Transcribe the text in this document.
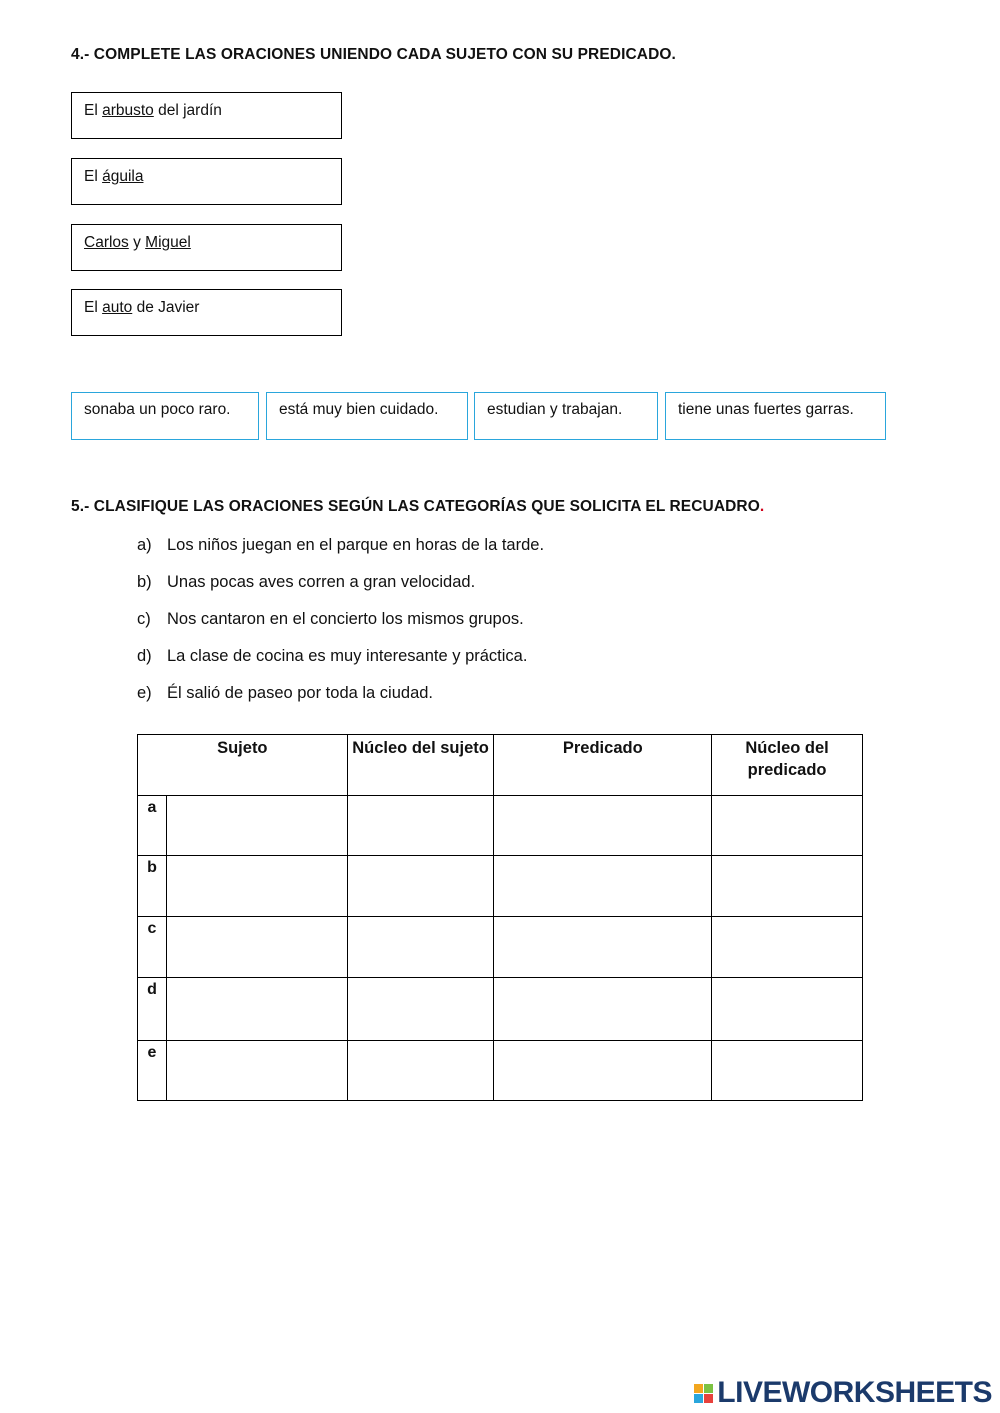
4.- COMPLETE LAS ORACIONES UNIENDO CADA SUJETO CON SU PREDICADO.
El arbusto del jardín
El águila
Carlos y Miguel
El auto de Javier
sonaba un poco raro.	está muy bien cuidado.	estudian y trabajan.	tiene unas fuertes garras.
5.- CLASIFIQUE LAS ORACIONES SEGÚN LAS CATEGORÍAS QUE SOLICITA EL RECUADRO.
a) Los niños juegan en el parque en horas de la tarde.
b) Unas pocas aves corren a gran velocidad.
c) Nos cantaron en el concierto los mismos grupos.
d) La clase de cocina es muy interesante y práctica.
e) Él salió de paseo por toda la ciudad.
Sujeto		Núcleo del sujeto	Predicado	Núcleo del predicado
a				
b				
c				
d				
e				
LIVEWORKSHEETS
